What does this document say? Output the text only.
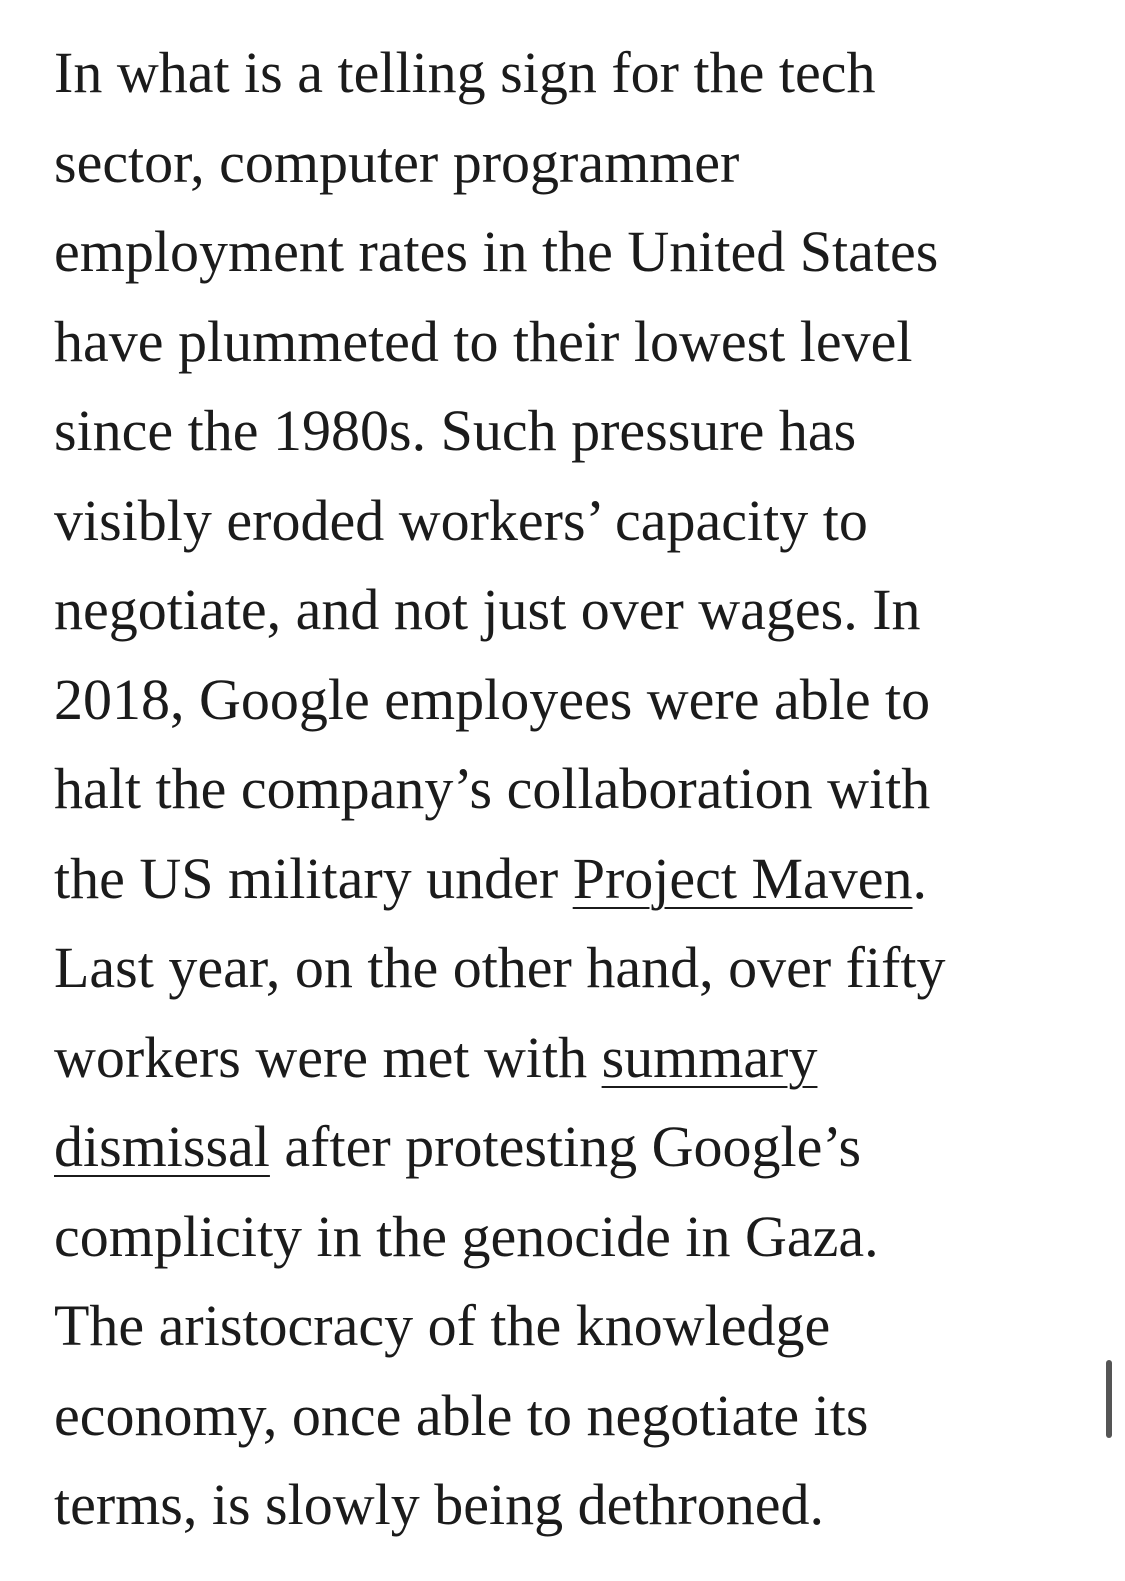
In what is a telling sign for the tech
sector, computer programmer
employment rates in the United States
have plummeted to their lowest level
since the 1980s. Such pressure has
visibly eroded workers’ capacity to
negotiate, and not just over wages. In
2018, Google employees were able to
halt the company’s collaboration with
the US military under Project Maven.
Last year, on the other hand, over fifty
workers were met with summary
dismissal after protesting Google’s
complicity in the genocide in Gaza.
The aristocracy of the knowledge
economy, once able to negotiate its
terms, is slowly being dethroned.
